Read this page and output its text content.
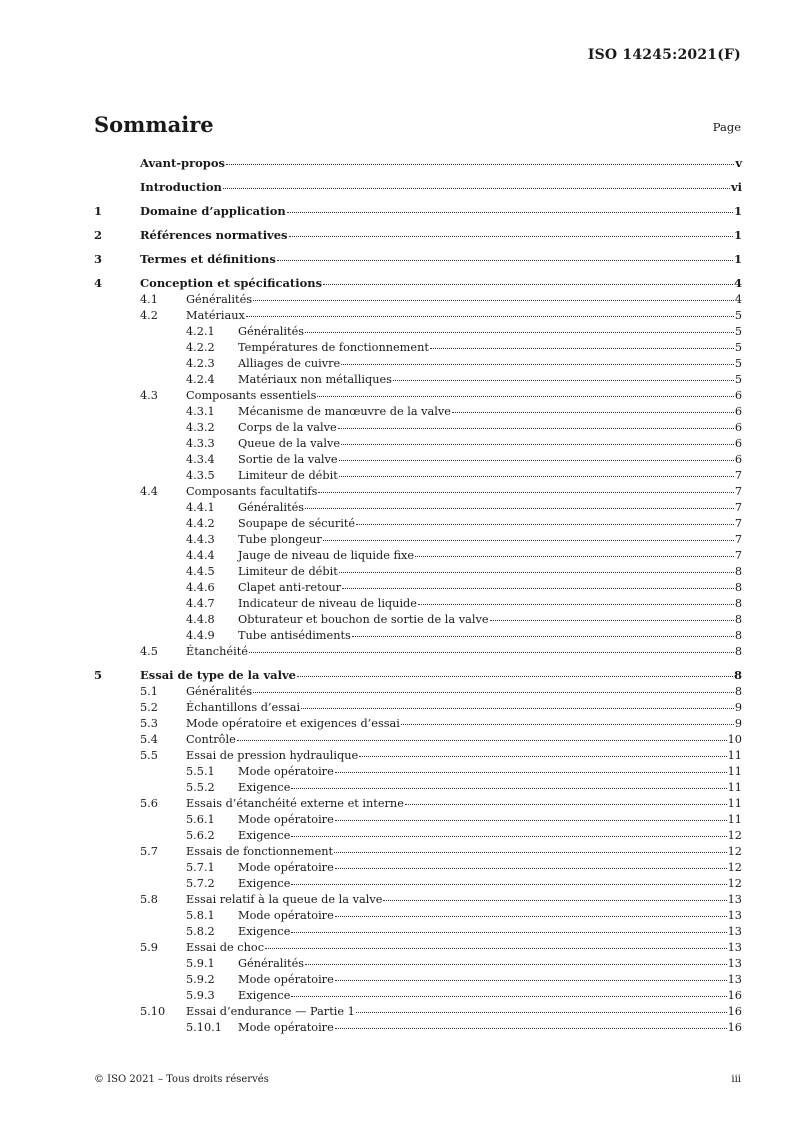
ISO 14245:2021(F)
Sommaire	Page
Avant-propos	v
Introduction	vi
1	Domaine d’application	1
2	Références normatives	1
3	Termes et définitions	1
4	Conception et spécifications	4
4.1	Généralités	4
4.2	Matériaux	5
4.2.1	Généralités	5
4.2.2	Températures de fonctionnement	5
4.2.3	Alliages de cuivre	5
4.2.4	Matériaux non métalliques	5
4.3	Composants essentiels	6
4.3.1	Mécanisme de manœuvre de la valve	6
4.3.2	Corps de la valve	6
4.3.3	Queue de la valve	6
4.3.4	Sortie de la valve	6
4.3.5	Limiteur de débit	7
4.4	Composants facultatifs	7
4.4.1	Généralités	7
4.4.2	Soupape de sécurité	7
4.4.3	Tube plongeur	7
4.4.4	Jauge de niveau de liquide fixe	7
4.4.5	Limiteur de débit	8
4.4.6	Clapet anti-retour	8
4.4.7	Indicateur de niveau de liquide	8
4.4.8	Obturateur et bouchon de sortie de la valve	8
4.4.9	Tube antisédiments	8
4.5	Étanchéité	8
5	Essai de type de la valve	8
5.1	Généralités	8
5.2	Échantillons d’essai	9
5.3	Mode opératoire et exigences d’essai	9
5.4	Contrôle	10
5.5	Essai de pression hydraulique	11
5.5.1	Mode opératoire	11
5.5.2	Exigence	11
5.6	Essais d’étanchéité externe et interne	11
5.6.1	Mode opératoire	11
5.6.2	Exigence	12
5.7	Essais de fonctionnement	12
5.7.1	Mode opératoire	12
5.7.2	Exigence	12
5.8	Essai relatif à la queue de la valve	13
5.8.1	Mode opératoire	13
5.8.2	Exigence	13
5.9	Essai de choc	13
5.9.1	Généralités	13
5.9.2	Mode opératoire	13
5.9.3	Exigence	16
5.10	Essai d’endurance — Partie 1	16
5.10.1	Mode opératoire	16
© ISO 2021 – Tous droits réservés	iii
